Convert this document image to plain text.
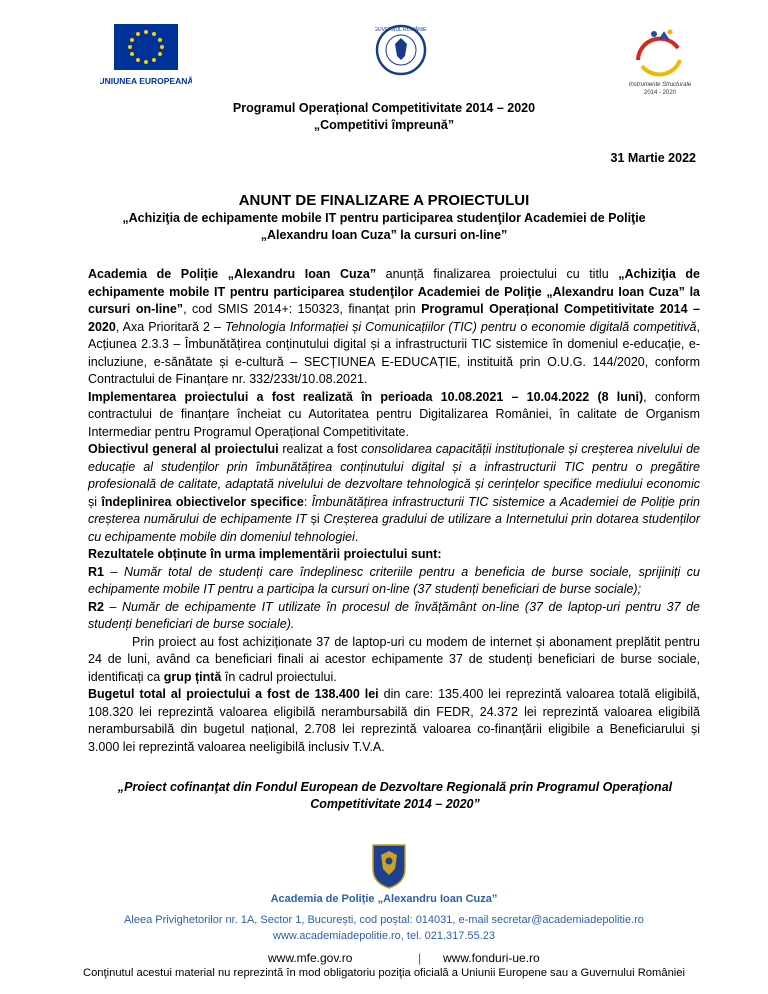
UNIUNEA EUROPEANĂ
GUVERNUL ROMÂNIEI
Instrumente Structurale
2014 - 2020
Programul Operațional Competitivitate 2014 – 2020
„Competitivi împreună”
31 Martie 2022
ANUNT DE FINALIZARE A PROIECTULUI
„Achiziţia de echipamente mobile IT pentru participarea studenţilor Academiei de Poliţie
„Alexandru Ioan Cuza” la cursuri on-line”

Academia de Poliție „Alexandru Ioan Cuza” anunță finalizarea proiectului cu titlu „Achiziţia de echipamente mobile IT pentru participarea studenţilor Academiei de Poliţie „Alexandru Ioan Cuza” la cursuri on-line”, cod SMIS 2014+: 150323, finanțat prin Programul Operațional Competitivitate 2014 – 2020, Axa Prioritară 2 – Tehnologia Informației și Comunicațiilor (TIC) pentru o economie digitală competitivă, Acțiunea 2.3.3 – Îmbunătățirea conținutului digital și a infrastructurii TIC sistemice în domeniul e-educație, e-incluziune, e-sănătate și e-cultură – SECȚIUNEA E-EDUCAȚIE, instituită prin O.U.G. 144/2020, conform Contractului de Finanțare nr. 332/233t/10.08.2021.

Implementarea proiectului a fost realizată în perioada 10.08.2021 – 10.04.2022 (8 luni), conform contractului de finanțare încheiat cu Autoritatea pentru Digitalizarea României, în calitate de Organism Intermediar pentru Programul Operațional Competitivitate.

Obiectivul general al proiectului realizat a fost consolidarea capacității instituționale și creșterea nivelului de educație al studenților prin îmbunătățirea conținutului digital și a infrastructurii TIC pentru o pregătire profesională de calitate, adaptată nivelului de dezvoltare tehnologică și cerințelor specifice mediului economic și îndeplinirea obiectivelor specifice: Îmbunătățirea infrastructurii TIC sistemice a Academiei de Poliție prin creșterea numărului de echipamente IT și Creșterea gradului de utilizare a Internetului prin dotarea studenților cu echipamente mobile din domeniul tehnologiei.

Rezultatele obținute în urma implementării proiectului sunt:

R1 – Număr total de studenți care îndeplinesc criteriile pentru a beneficia de burse sociale, sprijiniți cu echipamente mobile IT pentru a participa la cursuri on-line (37 studenți beneficiari de burse sociale);

R2 – Număr de echipamente IT utilizate în procesul de învățământ on-line (37 de laptop-uri pentru 37 de studenți beneficiari de burse sociale).

Prin proiect au fost achiziționate 37 de laptop-uri cu modem de internet și abonament preplătit pentru 24 de luni, având ca beneficiari finali ai acestor echipamente 37 de studenți beneficiari de burse sociale, identificați ca grup țintă în cadrul proiectului.

Bugetul total al proiectului a fost de 138.400 lei din care: 135.400 lei reprezintă valoarea totală eligibilă, 108.320 lei reprezintă valoarea eligibilă nerambursabilă din FEDR, 24.372 lei reprezintă valoarea eligibilă nerambursabilă din bugetul național, 2.708 lei reprezintă valoarea co-finanțării eligibile a Beneficiarului și 3.000 lei reprezintă valoarea neeligibilă inclusiv T.V.A.

„Proiect cofinanţat din Fondul European de Dezvoltare Regională prin Programul Operaţional Competitivitate 2014 – 2020”
Academia de Poliție „Alexandru Ioan Cuza”
Aleea Privighetorilor nr. 1A, Sector 1, București, cod poștal: 014031, e-mail secretar@academiadepolitie.ro
www.academiadepolitie.ro, tel. 021.317.55.23
www.mfe.gov.ro	| www.fonduri-ue.ro
Conţinutul acestui material nu reprezintă în mod obligatoriu poziţia oficială a Uniunii Europene sau a Guvernului României
